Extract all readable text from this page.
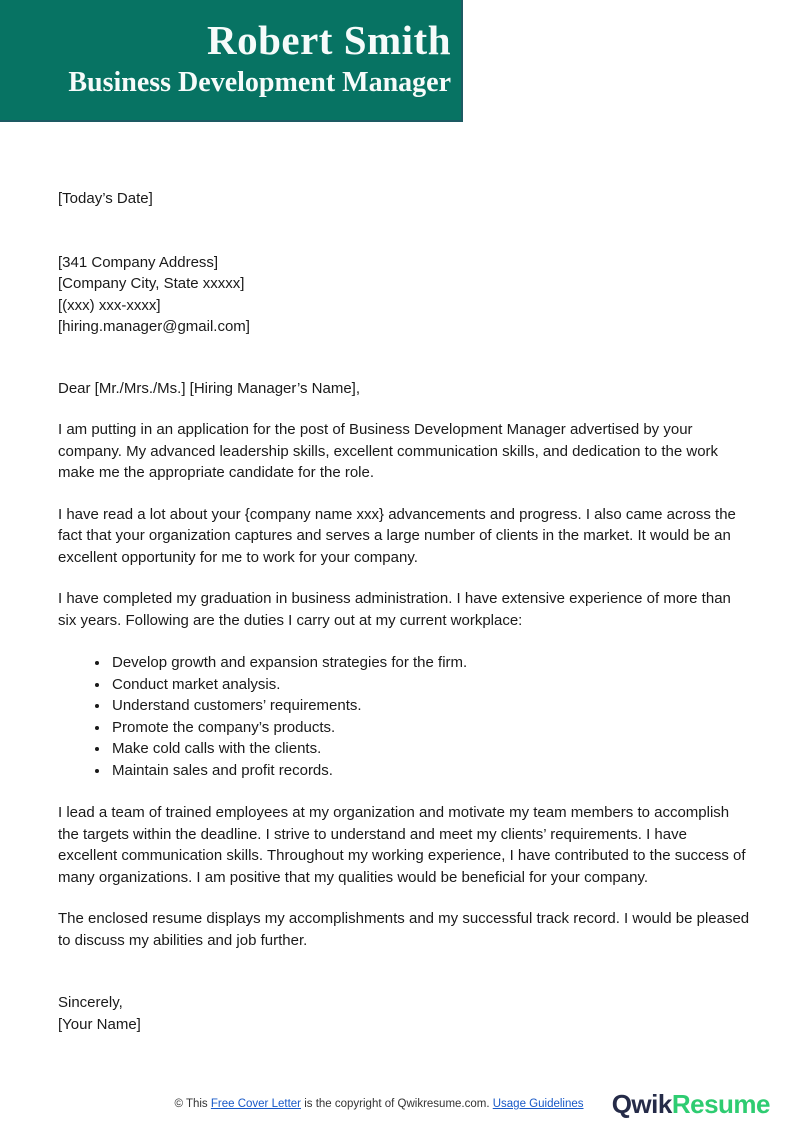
Robert Smith
Business Development Manager
[Today’s Date]
[341 Company Address]
[Company City, State xxxxx]
[(xxx) xxx-xxxx]
[hiring.manager@gmail.com]
Dear [Mr./Mrs./Ms.] [Hiring Manager’s Name],
I am putting in an application for the post of Business Development Manager advertised by your company. My advanced leadership skills, excellent communication skills, and dedication to the work make me the appropriate candidate for the role.
I have read a lot about your {company name xxx} advancements and progress. I also came across the fact that your organization captures and serves a large number of clients in the market. It would be an excellent opportunity for me to work for your company.
I have completed my graduation in business administration. I have extensive experience of more than six years. Following are the duties I carry out at my current workplace:
• Develop growth and expansion strategies for the firm.
• Conduct market analysis.
• Understand customers’ requirements.
• Promote the company’s products.
• Make cold calls with the clients.
• Maintain sales and profit records.
I lead a team of trained employees at my organization and motivate my team members to accomplish the targets within the deadline. I strive to understand and meet my clients’ requirements. I have excellent communication skills. Throughout my working experience, I have contributed to the success of many organizations. I am positive that my qualities would be beneficial for your company.
The enclosed resume displays my accomplishments and my successful track record. I would be pleased to discuss my abilities and job further.
Sincerely,
[Your Name]
© This Free Cover Letter is the copyright of Qwikresume.com. Usage Guidelines	QwikResume
